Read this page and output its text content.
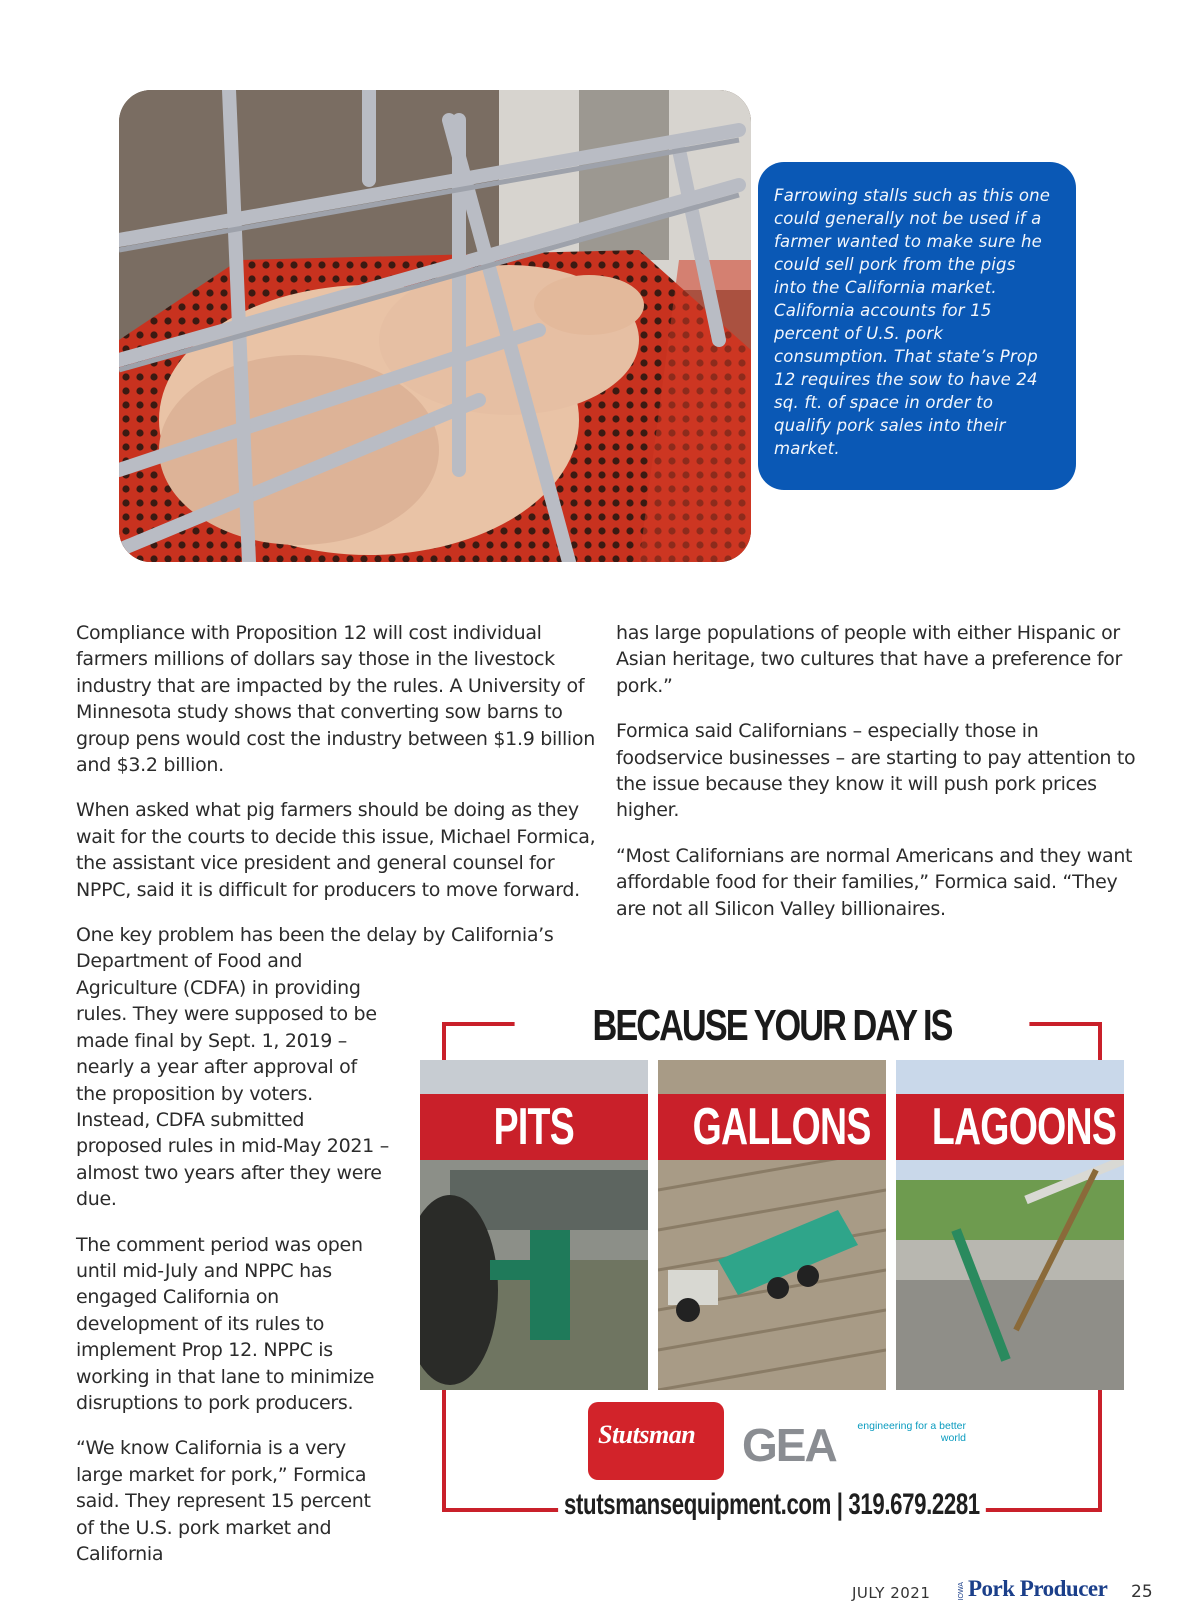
Farrowing stalls such as this one could generally not be used if a farmer wanted to make sure he could sell pork from the pigs into the California market. California accounts for 15 percent of U.S. pork consumption. That state’s Prop 12 requires the sow to have 24 sq. ft. of space in order to qualify pork sales into their market.

Compliance with Proposition 12 will cost individual farmers millions of dollars say those in the livestock industry that are impacted by the rules. A University of Minnesota study shows that converting sow barns to group pens would cost the industry between $1.9 billion and $3.2 billion.

When asked what pig farmers should be doing as they wait for the courts to decide this issue, Michael Formica, the assistant vice president and general counsel for NPPC, said it is difficult for producers to move forward.

One key problem has been the delay by California’s Department of Food and

Agriculture (CDFA) in providing rules. They were supposed to be made final by Sept. 1, 2019 – nearly a year after approval of the proposition by voters. Instead, CDFA submitted proposed rules in mid-May 2021 – almost two years after they were due.

The comment period was open until mid-July and NPPC has engaged California on development of its rules to implement Prop 12. NPPC is working in that lane to minimize disruptions to pork producers.

“We know California is a very large market for pork,” Formica said. They represent 15 percent of the U.S. pork market and California

has large populations of people with either Hispanic or Asian heritage, two cultures that have a preference for pork.”

Formica said Californians – especially those in foodservice businesses – are starting to pay attention to the issue because they know it will push pork prices higher.

“Most Californians are normal Americans and they want affordable food for their families,” Formica said. “They are not all Silicon Valley billionaires.

BECAUSE YOUR DAY IS
PITS	GALLONS	LAGOONS
Stutsman GEA	engineering for a better world
stutsmansequipment.com | 319.679.2281
JULY 2021	IOWA Pork Producer 25
